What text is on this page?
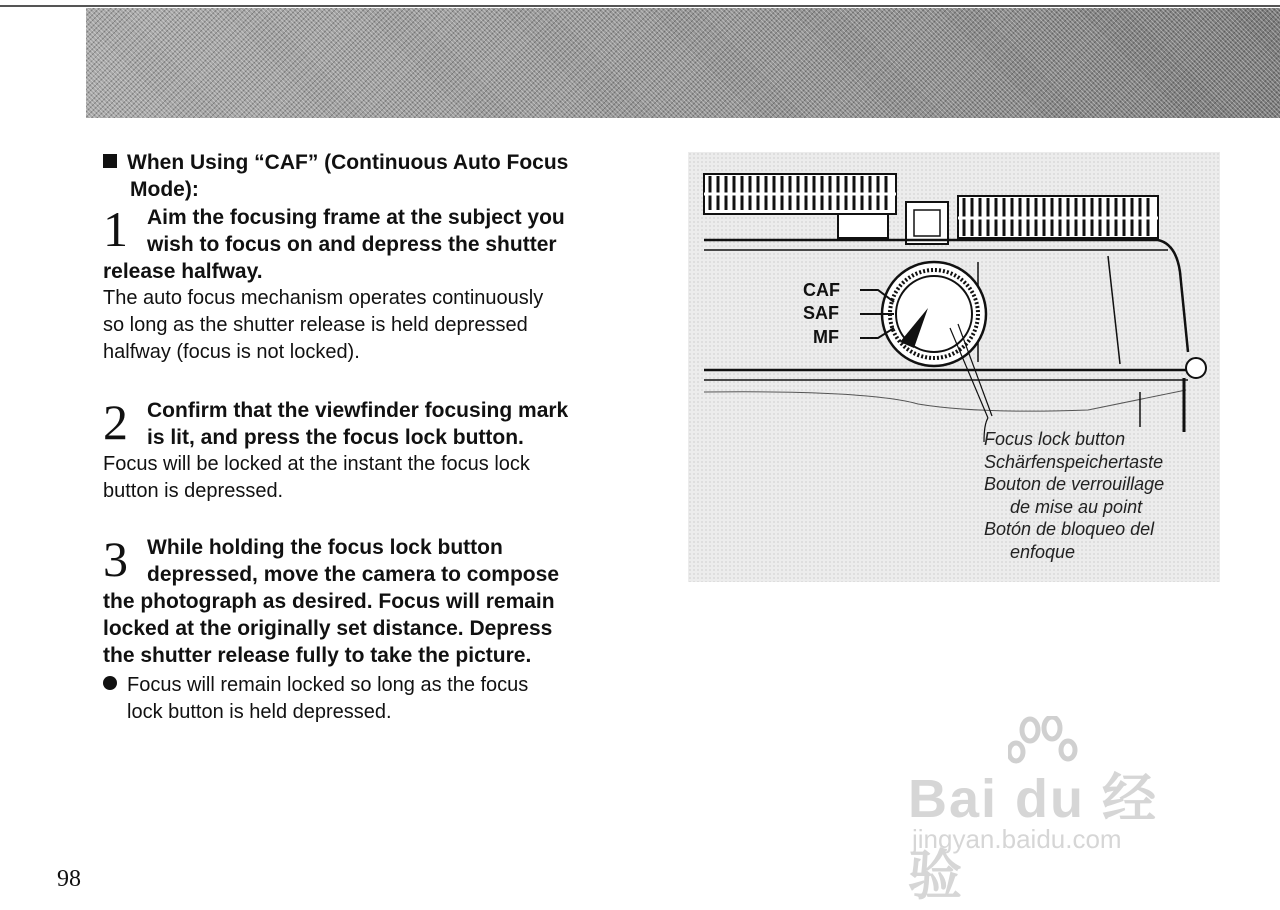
When Using “CAF” (Continuous Auto Focus
Mode):
1 Aim the focusing frame at the subject you
wish to focus on and depress the shutter
release halfway.
The auto focus mechanism operates continuously
so long as the shutter release is held depressed
halfway (focus is not locked).
2 Confirm that the viewfinder focusing mark
is lit, and press the focus lock button.
Focus will be locked at the instant the focus lock
button is depressed.
3 While holding the focus lock button
depressed, move the camera to compose
the photograph as desired. Focus will remain
locked at the originally set distance. Depress
the shutter release fully to take the picture.
Focus will remain locked so long as the focus
lock button is held depressed.
CAF
SAF
MF
Focus lock button
Schärfenspeichertaste
Bouton de verrouillage
de mise au point
Botón de bloqueo del
enfoque
Bai du 经验
jingyan.baidu.com
98
